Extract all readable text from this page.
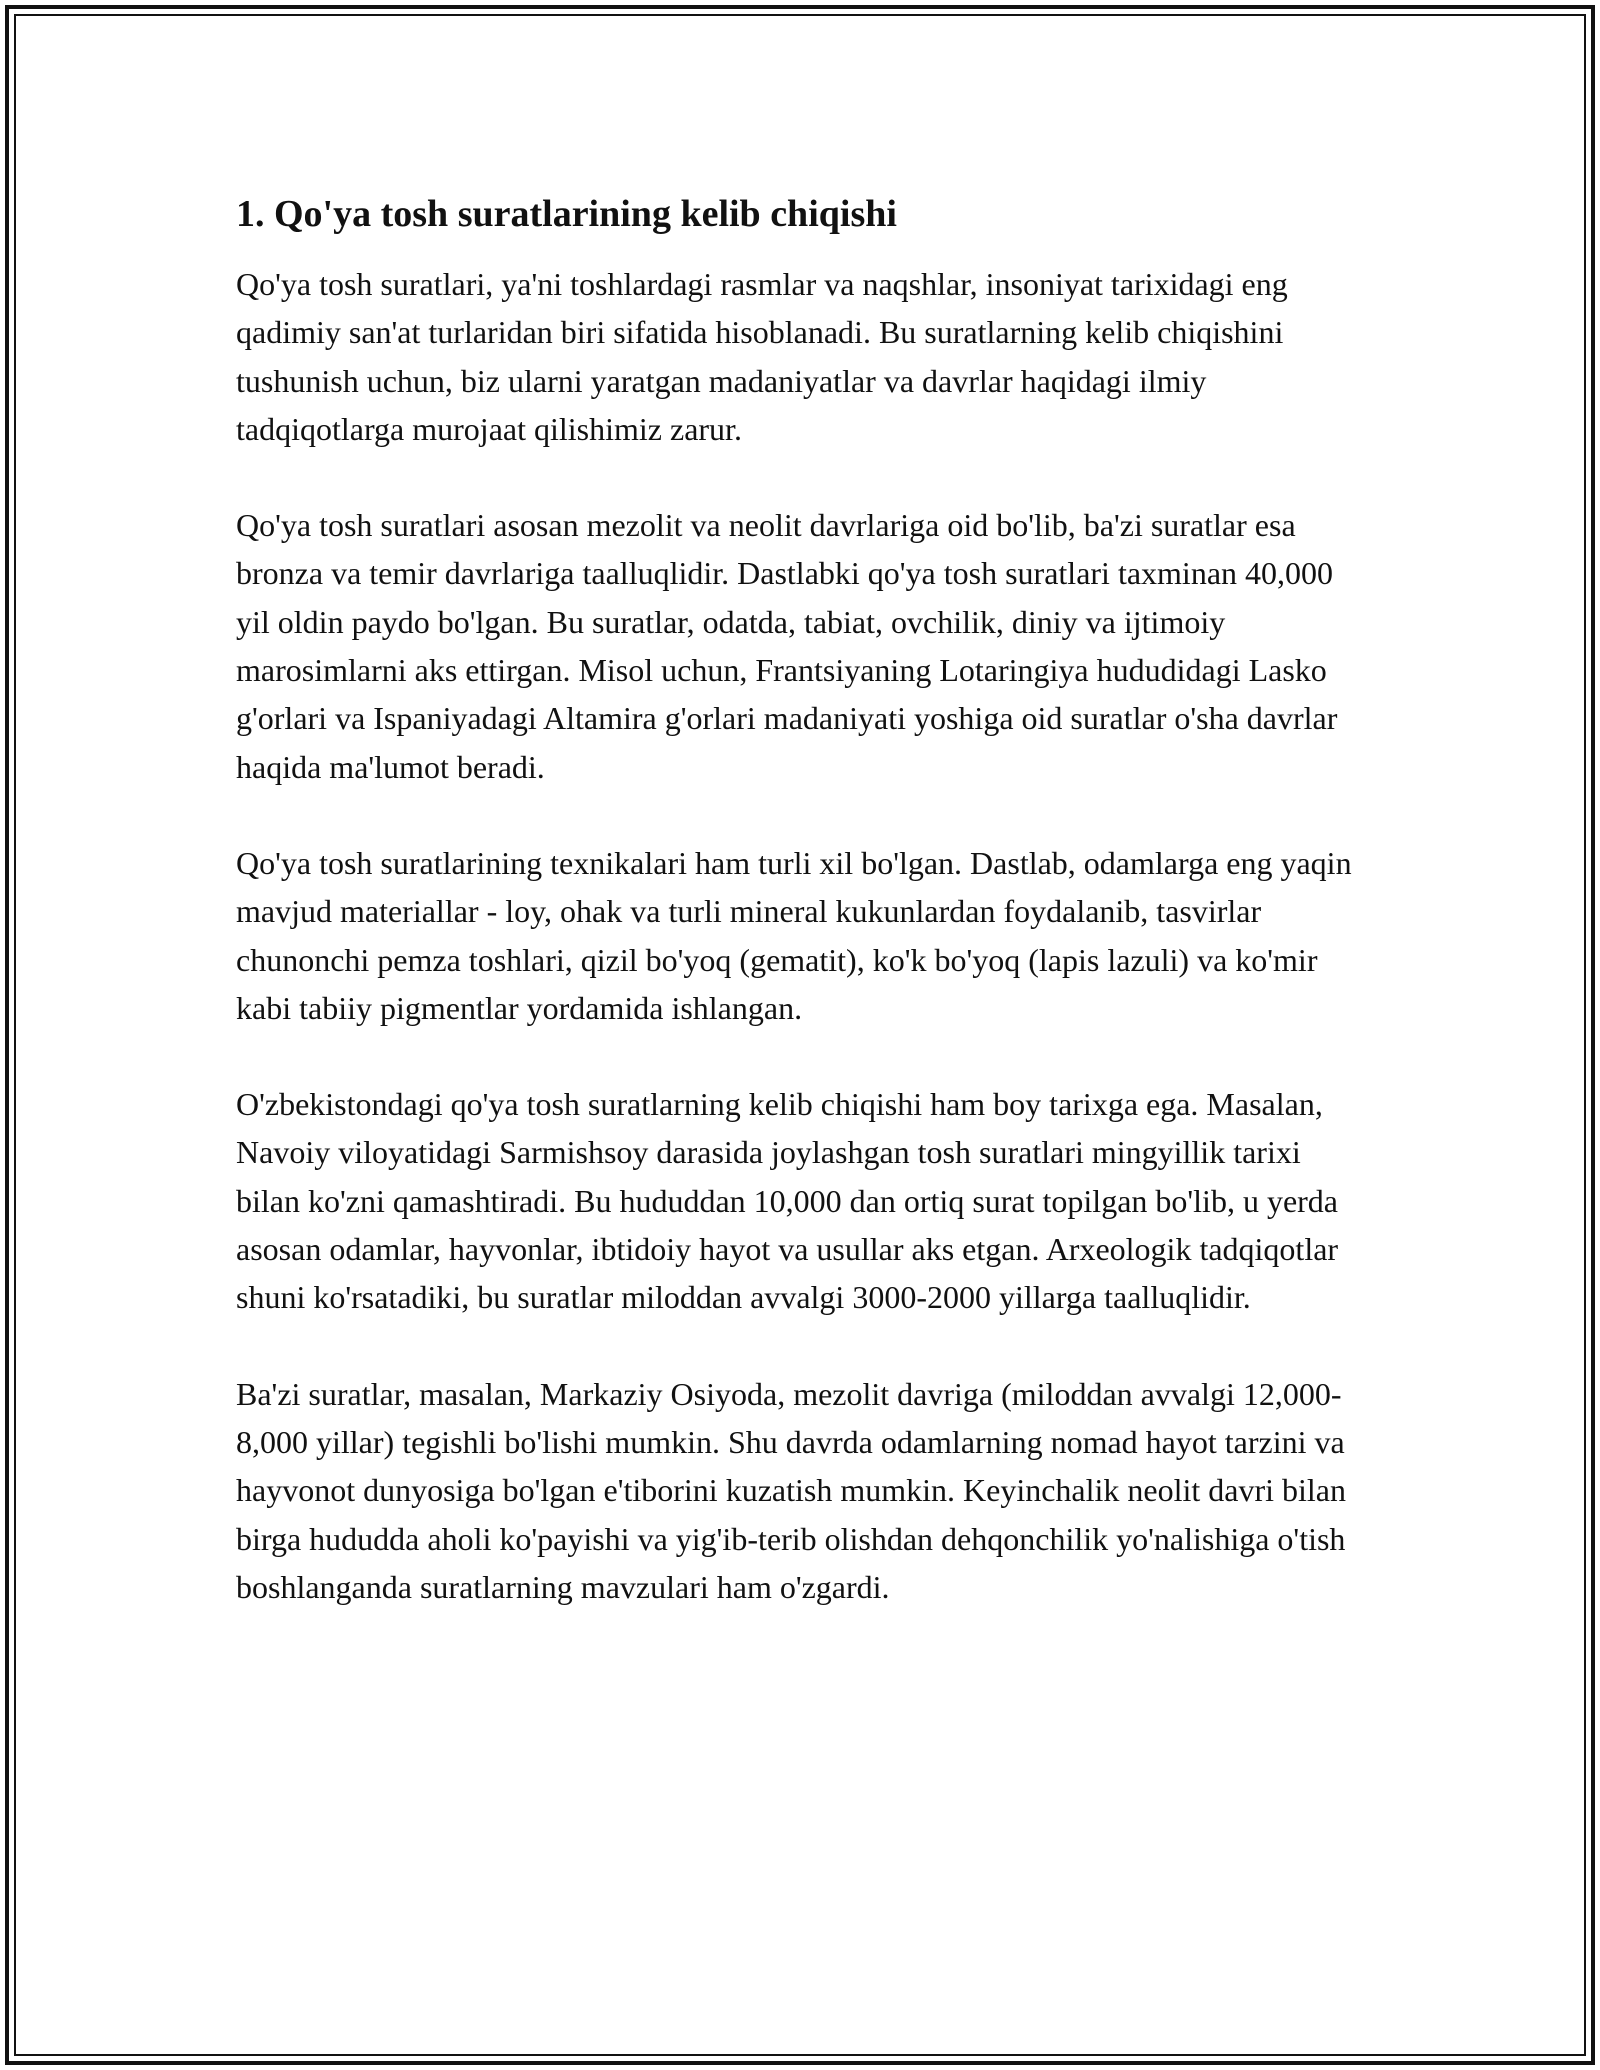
1. Qo'ya tosh suratlarining kelib chiqishi

Qo'ya tosh suratlari, ya'ni toshlardagi rasmlar va naqshlar, insoniyat tarixidagi eng qadimiy san'at turlaridan biri sifatida hisoblanadi. Bu suratlarning kelib chiqishini tushunish uchun, biz ularni yaratgan madaniyatlar va davrlar haqidagi ilmiy tadqiqotlarga murojaat qilishimiz zarur.

Qo'ya tosh suratlari asosan mezolit va neolit davrlariga oid bo'lib, ba'zi suratlar esa bronza va temir davrlariga taalluqlidir. Dastlabki qo'ya tosh suratlari taxminan 40,000 yil oldin paydo bo'lgan. Bu suratlar, odatda, tabiat, ovchilik, diniy va ijtimoiy marosimlarni aks ettirgan. Misol uchun, Frantsiyaning Lotaringiya hududidagi Lasko g'orlari va Ispaniyadagi Altamira g'orlari madaniyati yoshiga oid suratlar o'sha davrlar haqida ma'lumot beradi.

Qo'ya tosh suratlarining texnikalari ham turli xil bo'lgan. Dastlab, odamlarga eng yaqin mavjud materiallar - loy, ohak va turli mineral kukunlardan foydalanib, tasvirlar chunonchi pemza toshlari, qizil bo'yoq (gematit), ko'k bo'yoq (lapis lazuli) va ko'mir kabi tabiiy pigmentlar yordamida ishlangan.

O'zbekistondagi qo'ya tosh suratlarning kelib chiqishi ham boy tarixga ega. Masalan, Navoiy viloyatidagi Sarmishsoy darasida joylashgan tosh suratlari mingyillik tarixi bilan ko'zni qamashtiradi. Bu hududdan 10,000 dan ortiq surat topilgan bo'lib, u yerda asosan odamlar, hayvonlar, ibtidoiy hayot va usullar aks etgan. Arxeologik tadqiqotlar shuni ko'rsatadiki, bu suratlar miloddan avvalgi 3000-2000 yillarga taalluqlidir.

Ba'zi suratlar, masalan, Markaziy Osiyoda, mezolit davriga (miloddan avvalgi 12,000-8,000 yillar) tegishli bo'lishi mumkin. Shu davrda odamlarning nomad hayot tarzini va hayvonot dunyosiga bo'lgan e'tiborini kuzatish mumkin. Keyinchalik neolit davri bilan birga hududda aholi ko'payishi va yig'ib-terib olishdan dehqonchilik yo'nalishiga o'tish boshlanganda suratlarning mavzulari ham o'zgardi.
